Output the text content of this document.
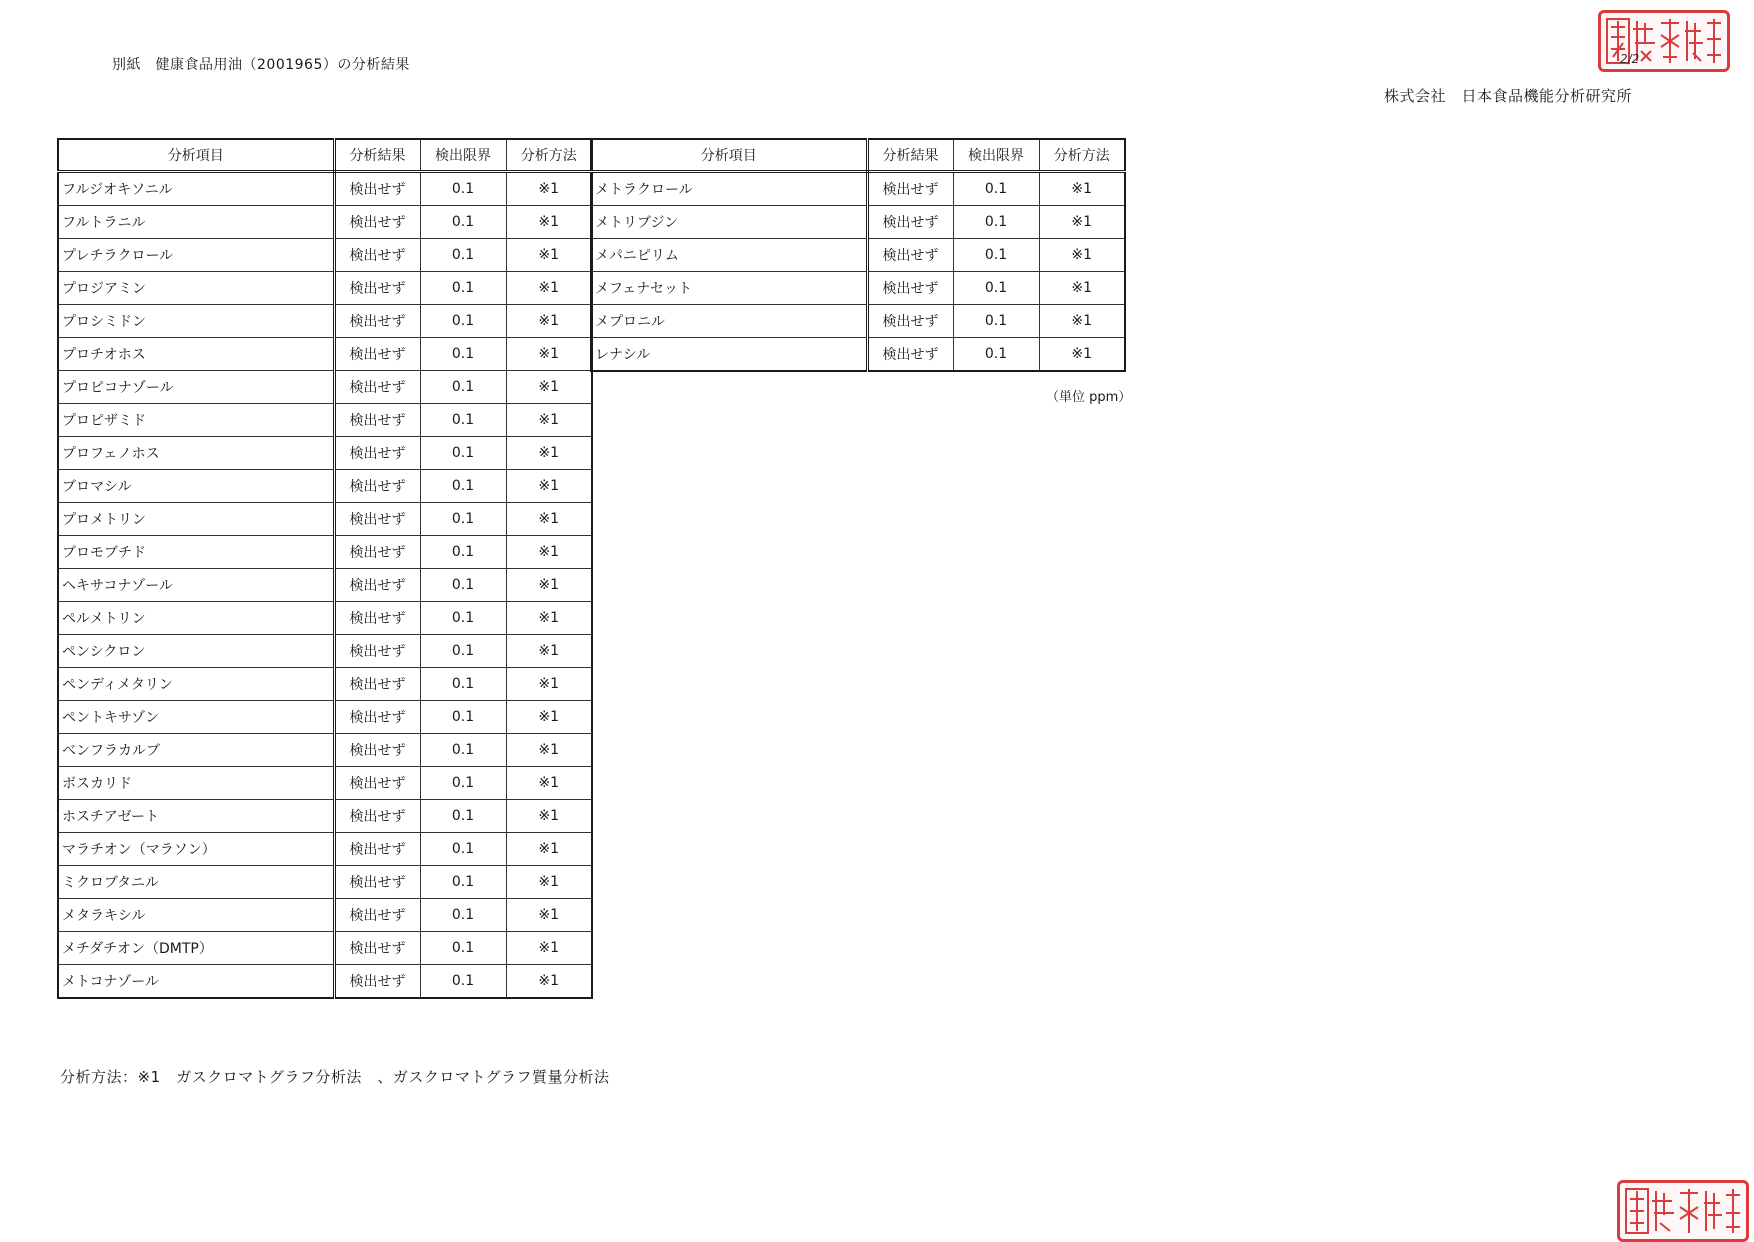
別紙　健康食品用油（2001965）の分析結果	2/2
株式会社　日本食品機能分析研究所
分析項目	分析結果	検出限界	分析方法
フルジオキソニル	検出せず	0.1	※1
フルトラニル	検出せず	0.1	※1
プレチラクロール	検出せず	0.1	※1
プロジアミン	検出せず	0.1	※1
プロシミドン	検出せず	0.1	※1
プロチオホス	検出せず	0.1	※1
プロピコナゾール	検出せず	0.1	※1
プロピザミド	検出せず	0.1	※1
プロフェノホス	検出せず	0.1	※1
ブロマシル	検出せず	0.1	※1
プロメトリン	検出せず	0.1	※1
ブロモブチド	検出せず	0.1	※1
ヘキサコナゾール	検出せず	0.1	※1
ペルメトリン	検出せず	0.1	※1
ペンシクロン	検出せず	0.1	※1
ペンディメタリン	検出せず	0.1	※1
ペントキサゾン	検出せず	0.1	※1
ベンフラカルブ	検出せず	0.1	※1
ボスカリド	検出せず	0.1	※1
ホスチアゼート	検出せず	0.1	※1
マラチオン（マラソン）	検出せず	0.1	※1
ミクロブタニル	検出せず	0.1	※1
メタラキシル	検出せず	0.1	※1
メチダチオン（DMTP）	検出せず	0.1	※1
メトコナゾール	検出せず	0.1	※1
分析項目	分析結果	検出限界	分析方法
メトラクロール	検出せず	0.1	※1
メトリブジン	検出せず	0.1	※1
メパニピリム	検出せず	0.1	※1
メフェナセット	検出せず	0.1	※1
メプロニル	検出せず	0.1	※1
レナシル	検出せず	0.1	※1
（単位 ppm）
分析方法：※1　ガスクロマトグラフ分析法　、ガスクロマトグラフ質量分析法
